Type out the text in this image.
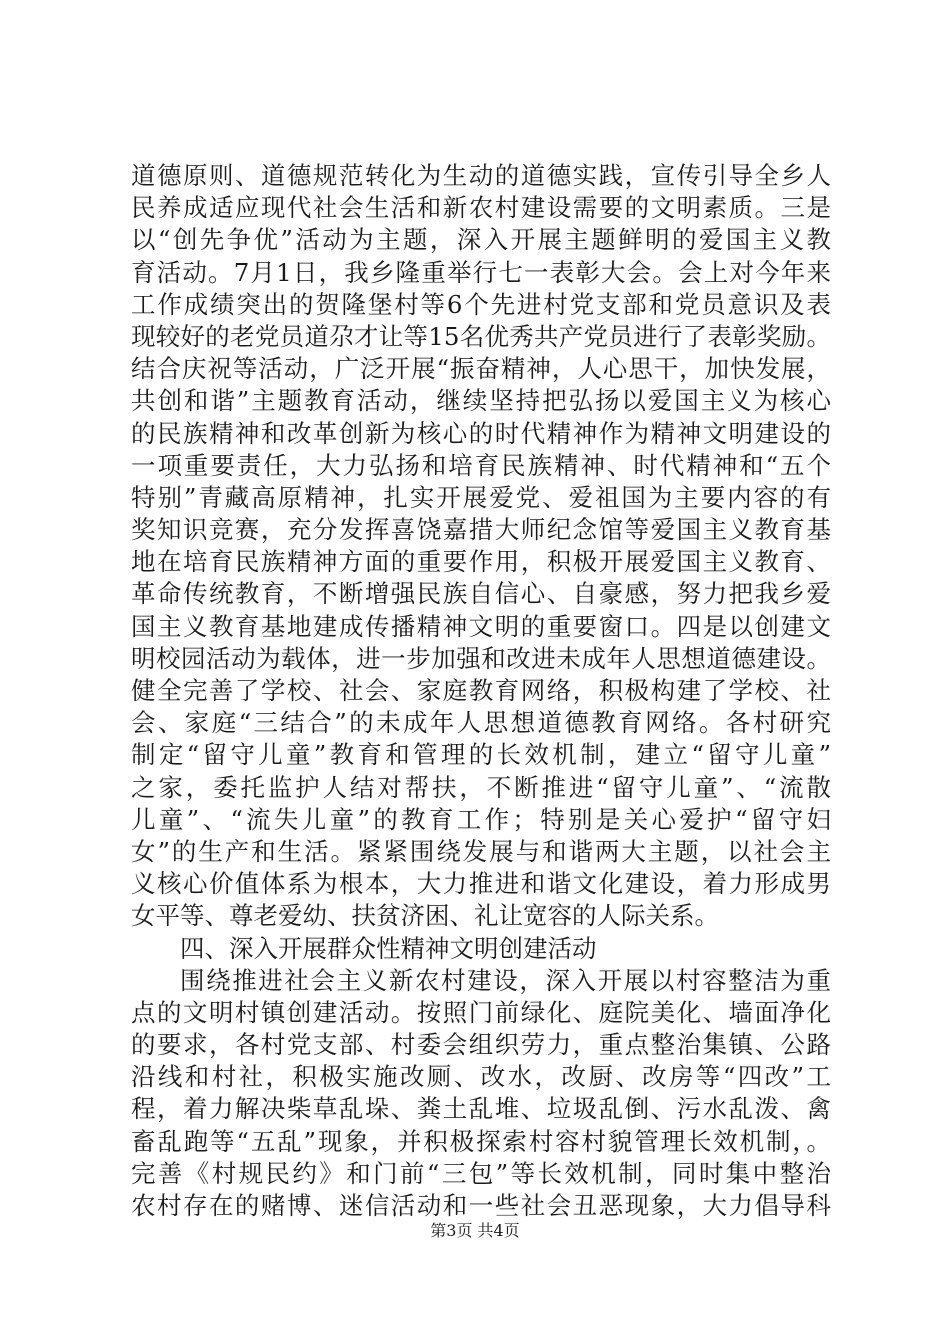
道德原则、道德规范转化为生动的道德实践，宣传引导全乡人
民养成适应现代社会生活和新农村建设需要的文明素质。三是
以“创先争优”活动为主题，深入开展主题鲜明的爱国主义教
育活动。7月1日，我乡隆重举行七一表彰大会。会上对今年来
工作成绩突出的贺隆堡村等6个先进村党支部和党员意识及表
现较好的老党员道尕才让等15名优秀共产党员进行了表彰奖励。
结合庆祝等活动，广泛开展“振奋精神，人心思干，加快发展，
共创和谐”主题教育活动，继续坚持把弘扬以爱国主义为核心
的民族精神和改革创新为核心的时代精神作为精神文明建设的
一项重要责任，大力弘扬和培育民族精神、时代精神和“五个
特别”青藏高原精神，扎实开展爱党、爱祖国为主要内容的有
奖知识竞赛，充分发挥喜饶嘉措大师纪念馆等爱国主义教育基
地在培育民族精神方面的重要作用，积极开展爱国主义教育、
革命传统教育，不断增强民族自信心、自豪感，努力把我乡爱
国主义教育基地建成传播精神文明的重要窗口。四是以创建文
明校园活动为载体，进一步加强和改进未成年人思想道德建设。
健全完善了学校、社会、家庭教育网络，积极构建了学校、社
会、家庭“三结合”的未成年人思想道德教育网络。各村研究
制定“留守儿童”教育和管理的长效机制，建立“留守儿童”
之家，委托监护人结对帮扶，不断推进“留守儿童”、“流散
儿童”、“流失儿童”的教育工作；特别是关心爱护“留守妇
女”的生产和生活。紧紧围绕发展与和谐两大主题，以社会主
义核心价值体系为根本，大力推进和谐文化建设，着力形成男
女平等、尊老爱幼、扶贫济困、礼让宽容的人际关系。
四、深入开展群众性精神文明创建活动
围绕推进社会主义新农村建设，深入开展以村容整洁为重
点的文明村镇创建活动。按照门前绿化、庭院美化、墙面净化
的要求，各村党支部、村委会组织劳力，重点整治集镇、公路
沿线和村社，积极实施改厕、改水，改厨、改房等“四改”工
程，着力解决柴草乱垛、粪土乱堆、垃圾乱倒、污水乱泼、禽
畜乱跑等“五乱”现象，并积极探索村容村貌管理长效机制，。
完善《村规民约》和门前“三包”等长效机制，同时集中整治
农村存在的赌博、迷信活动和一些社会丑恶现象，大力倡导科
第3页 共4页
